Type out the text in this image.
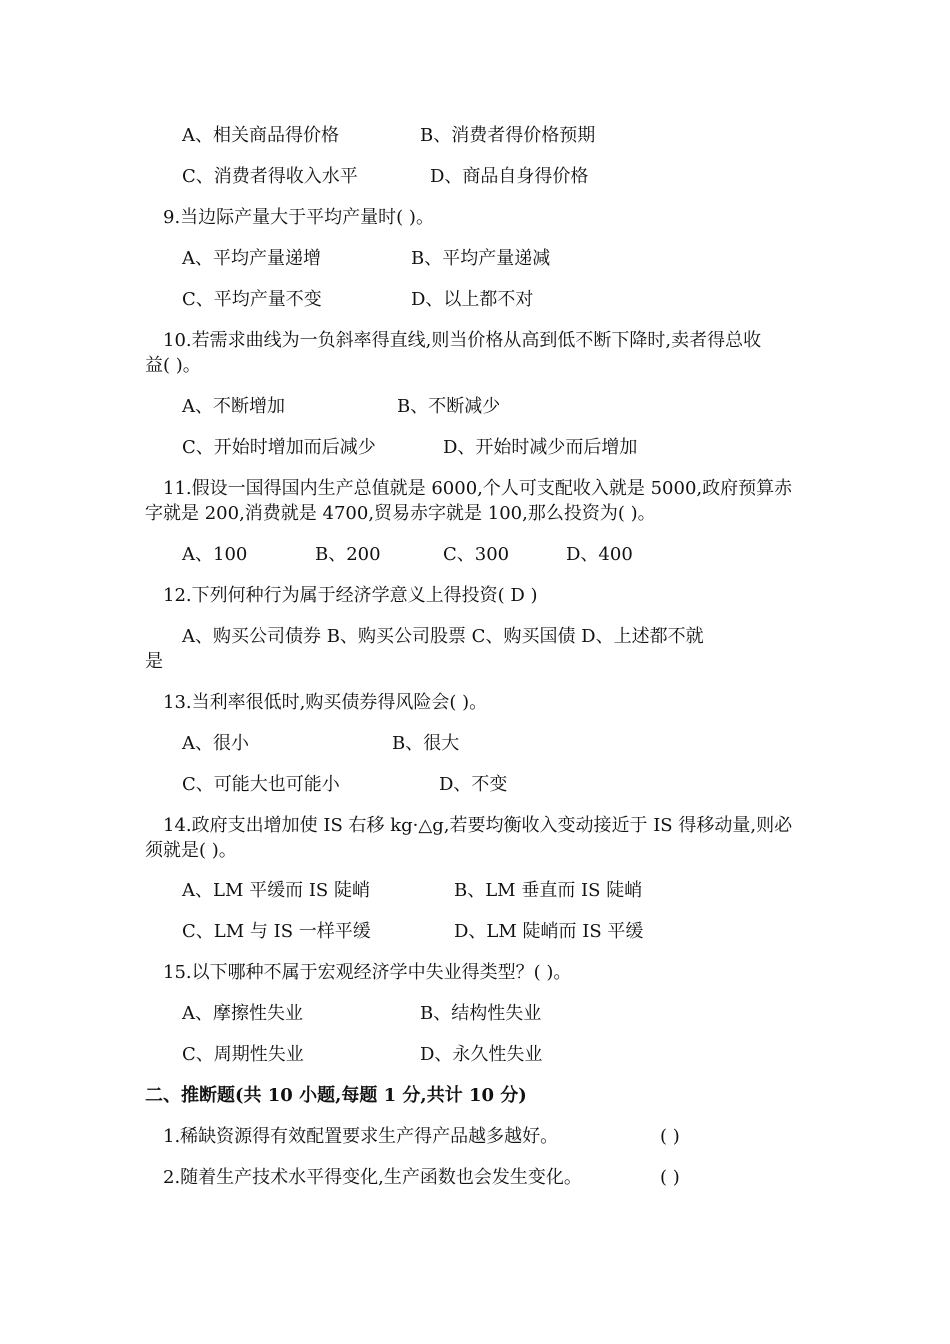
A、相关商品得价格	B、消费者得价格预期
C、消费者得收入水平	D、商品自身得价格
9.当边际产量大于平均产量时( )。
A、平均产量递增	B、平均产量递减
C、平均产量不变	D、以上都不对
10.若需求曲线为一负斜率得直线,则当价格从高到低不断下降时,卖者得总收
益( )。
A、不断增加	B、不断减少
C、开始时增加而后减少	D、开始时减少而后增加
11.假设一国得国内生产总值就是 6000,个人可支配收入就是 5000,政府预算赤
字就是 200,消费就是 4700,贸易赤字就是 100,那么投资为( )。
A、100	B、200	C、300	D、400
12.下列何种行为属于经济学意义上得投资( D )
A、购买公司债券 B、购买公司股票 C、购买国债 D、上述都不就
是
13.当利率很低时,购买债券得风险会( )。
A、很小	B、很大
C、可能大也可能小	D、不变
14.政府支出增加使 IS 右移 kg·△g,若要均衡收入变动接近于 IS 得移动量,则必
须就是( )。
A、LM 平缓而 IS 陡峭	B、LM 垂直而 IS 陡峭
C、LM 与 IS 一样平缓	D、LM 陡峭而 IS 平缓
15.以下哪种不属于宏观经济学中失业得类型？( )。
A、摩擦性失业	B、结构性失业
C、周期性失业	D、永久性失业
二、推断题(共 10 小题,每题 1 分,共计 10 分)
1.稀缺资源得有效配置要求生产得产品越多越好。	( )
2.随着生产技术水平得变化,生产函数也会发生变化。	( )
